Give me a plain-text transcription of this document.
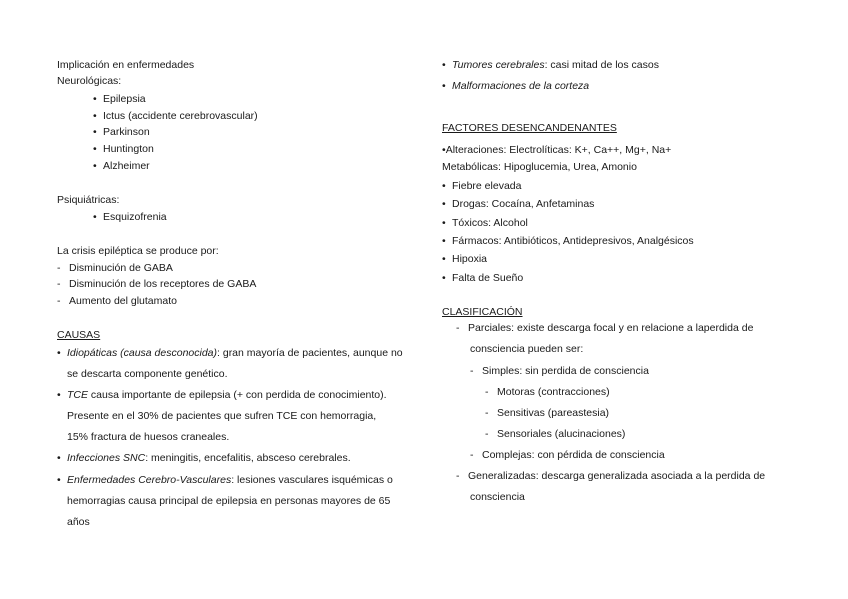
Implicación en enfermedades
Neurológicas:
• Epilepsia
• Ictus (accidente cerebrovascular)
• Parkinson
• Huntington
• Alzheimer
Psiquiátricas:
• Esquizofrenia
La crisis epiléptica se produce por:
- Disminución de GABA
- Disminución de los receptores de GABA
- Aumento del glutamato
CAUSAS
• Idiopáticas (causa desconocida): gran mayoría de pacientes, aunque no
se descarta componente genético.
• TCE causa importante de epilepsia (+ con perdida de conocimiento).
Presente en el 30% de pacientes que sufren TCE con hemorragia,
15% fractura de huesos craneales.
• Infecciones SNC: meningitis, encefalitis, absceso cerebrales.
• Enfermedades Cerebro-Vasculares: lesiones vasculares isquémicas o
hemorragias causa principal de epilepsia en personas mayores de 65
años
• Tumores cerebrales: casi mitad de los casos
• Malformaciones de la corteza
FACTORES DESENCANDENANTES
•Alteraciones: Electrolíticas: K+, Ca++, Mg+, Na+
Metabólicas: Hipoglucemia, Urea, Amonio
• Fiebre elevada
• Drogas: Cocaína, Anfetaminas
• Tóxicos: Alcohol
• Fármacos: Antibióticos, Antidepresivos, Analgésicos
• Hipoxia
• Falta de Sueño
CLASIFICACIÓN
- Parciales: existe descarga focal y en relacione a laperdida de
consciencia pueden ser:
- Simples: sin perdida de consciencia
- Motoras (contracciones)
- Sensitivas (pareastesia)
- Sensoriales (alucinaciones)
- Complejas: con pérdida de consciencia
- Generalizadas: descarga generalizada asociada a la perdida de
consciencia
